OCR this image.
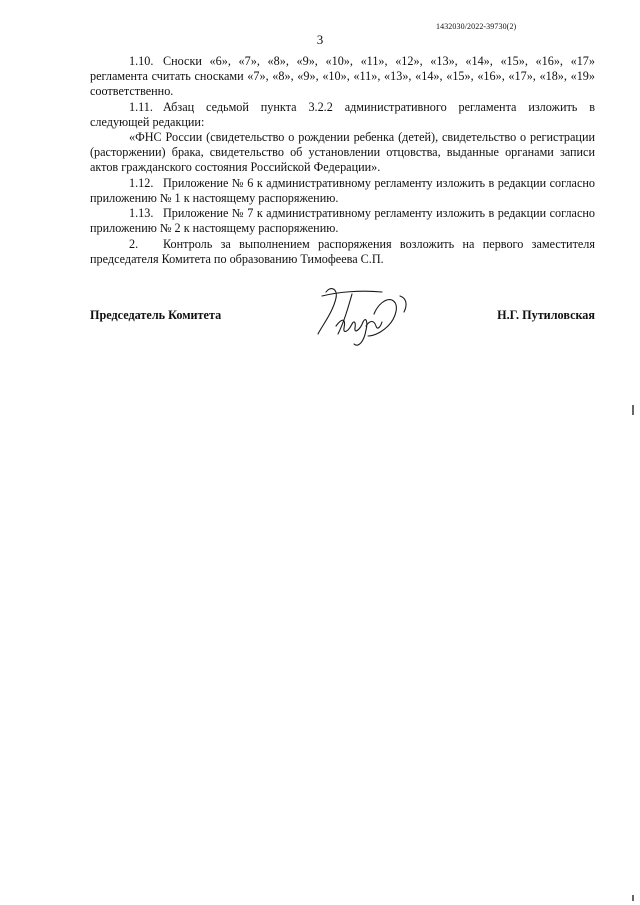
1432030/2022-39730(2)
3

1.10. Сноски «6», «7», «8», «9», «10», «11», «12», «13», «14», «15», «16», «17» регламента считать сносками «7», «8», «9», «10», «11», «13», «14», «15», «16», «17», «18», «19» соответственно.

1.11. Абзац седьмой пункта 3.2.2 административного регламента изложить в следующей редакции:

«ФНС России (свидетельство о рождении ребенка (детей), свидетельство о регистрации (расторжении) брака, свидетельство об установлении отцовства, выданные органами записи актов гражданского состояния Российской Федерации».

1.12. Приложение № 6 к административному регламенту изложить в редакции согласно приложению № 1 к настоящему распоряжению.

1.13. Приложение № 7 к административному регламенту изложить в редакции согласно приложению № 2 к настоящему распоряжению.

2. Контроль за выполнением распоряжения возложить на первого заместителя председателя Комитета по образованию Тимофеева С.П.

Председатель Комитета	Н.Г. Путиловская
